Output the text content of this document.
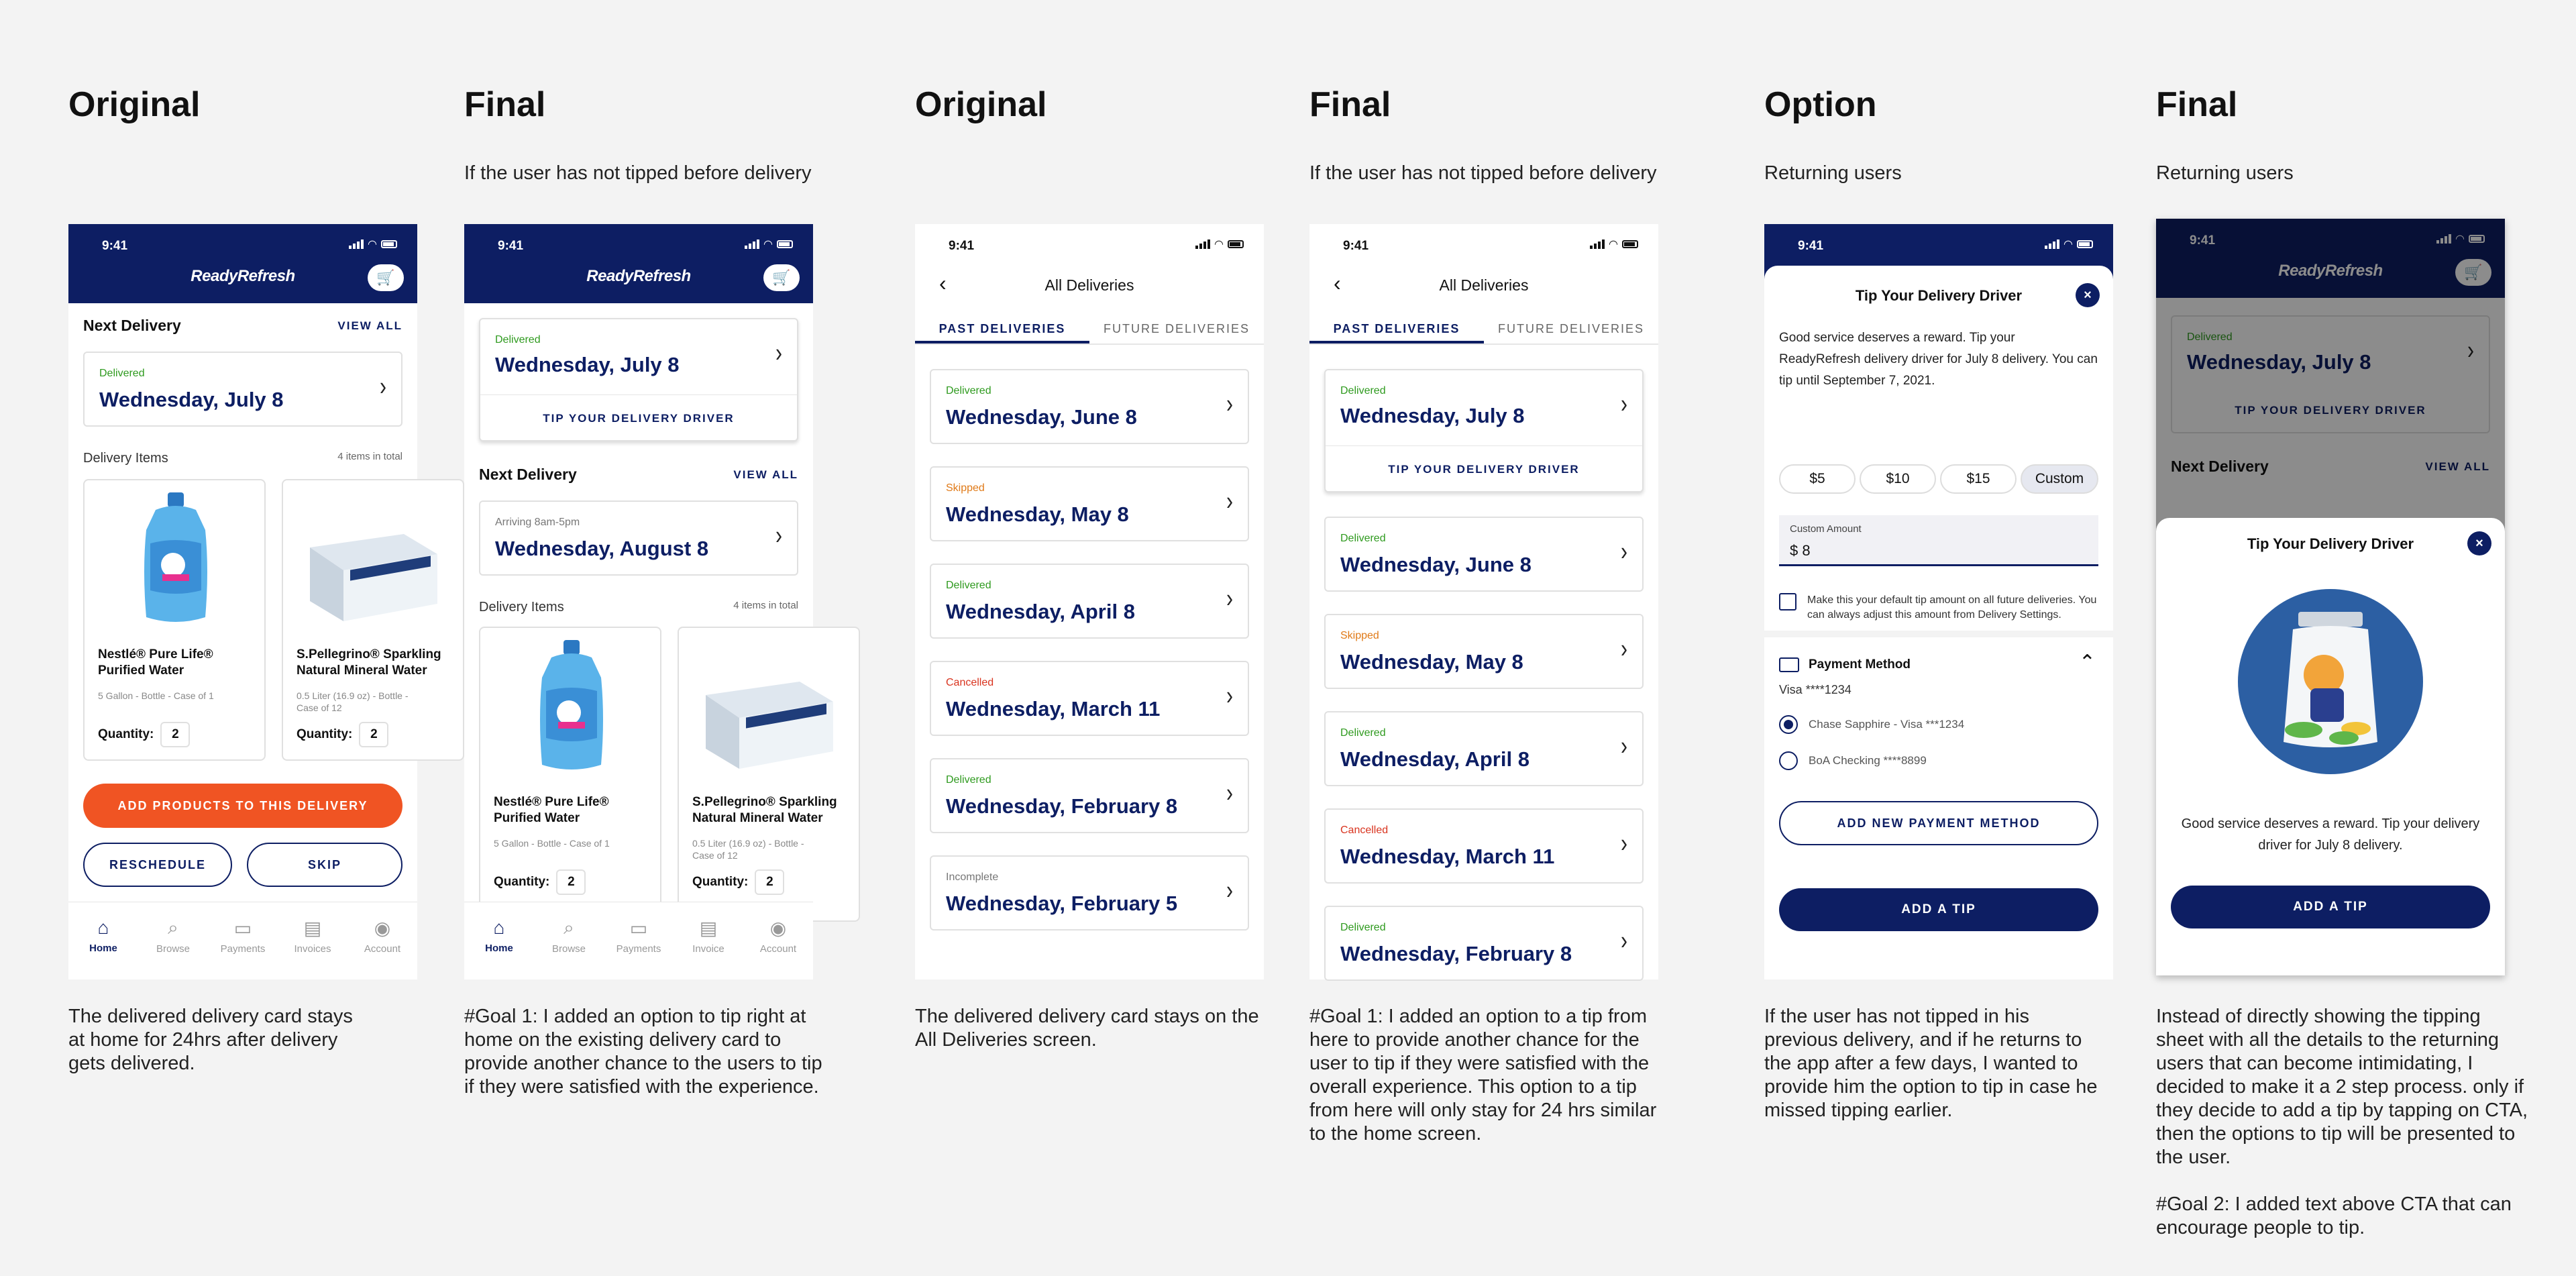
Original
9:41	◠
ReadyRefresh	🛒
Next Delivery	VIEW ALL
Delivered
Wednesday, July 8	›
Delivery Items	4 items in total
Nestlé® Pure Life®
Purified Water
5 Gallon - Bottle - Case of 1
Quantity:	2
S.Pellegrino® Sparkling
Natural Mineral Water
0.5 Liter (16.9 oz) - Bottle -
Case of 12
Quantity:	2
ADD PRODUCTS TO THIS DELIVERY
RESCHEDULE	SKIP
⌂
Home
⌕
Browse
▭
Payments
▤
Invoices
◉
Account

The delivered delivery card stays at home for 24hrs after delivery gets delivered.

Final
If the user has not tipped before delivery
9:41	◠
ReadyRefresh	🛒
Delivered
Wednesday, July 8	›
TIP YOUR DELIVERY DRIVER
Next Delivery	VIEW ALL
Arriving 8am-5pm
Wednesday, August 8	›
Delivery Items	4 items in total
Nestlé® Pure Life®
Purified Water
5 Gallon - Bottle - Case of 1
Quantity:	2
S.Pellegrino® Sparkling
Natural Mineral Water
0.5 Liter (16.9 oz) - Bottle -
Case of 12
Quantity:	2
⌂
Home
⌕
Browse
▭
Payments
▤
Invoice
◉
Account

#Goal 1: I added an option to tip right at home on the existing delivery card to provide another chance to the users to tip if they were satisfied with the experience.

Original
9:41	◠
‹	All Deliveries
PAST DELIVERIES	FUTURE DELIVERIES
Delivered
Wednesday, June 8	›
Skipped
Wednesday, May 8	›
Delivered
Wednesday, April 8	›
Cancelled
Wednesday, March 11	›
Delivered
Wednesday, February 8 ›
Incomplete
Wednesday, February 5 ›

The delivered delivery card stays on the All Deliveries screen.

Final
If the user has not tipped before delivery
9:41	◠
‹	All Deliveries
PAST DELIVERIES	FUTURE DELIVERIES
Delivered
Wednesday, July 8	›
TIP YOUR DELIVERY DRIVER
Delivered
Wednesday, June 8	›
Skipped
Wednesday, May 8	›
Delivered
Wednesday, April 8	›
Cancelled
Wednesday, March 11	›
Delivered
Wednesday, February 8 ›

#Goal 1: I added an option to a tip from here to provide another chance for the user to tip if they were satisfied with the overall experience. This option to a tip from here will only stay for 24 hrs similar to the home screen.

Option
Returning users
9:41	◠
Tip Your Delivery Driver	×
Good service deserves a reward. Tip your ReadyRefresh delivery driver for July 8 delivery. You can tip until September 7, 2021.
$5	$10	$15	Custom
Custom Amount
$ 8
Make this your default tip amount on all future deliveries. You can always adjust this amount from Delivery Settings.
Payment Method	⌃
Visa ****1234
Chase Sapphire - Visa ***1234
BoA Checking ****8899
ADD NEW PAYMENT METHOD
ADD A TIP

If the user has not tipped in his previous delivery, and if he returns to the app after a few days, I wanted to provide him the option to tip in case he missed tipping earlier.

Final
Returning users
9:41	◠
ReadyRefresh	🛒
Delivered
Wednesday, July 8	›
TIP YOUR DELIVERY DRIVER
Next Delivery	VIEW ALL
Tip Your Delivery Driver	×
Good service deserves a reward. Tip your delivery driver for July 8 delivery.
ADD A TIP

Instead of directly showing the tipping sheet with all the details to the returning users that can become intimidating, I decided to make it a 2 step process. only if they decide to add a tip by tapping on CTA, then the options to tip will be presented to the user.

#Goal 2: I added text above CTA that can encourage people to tip.
